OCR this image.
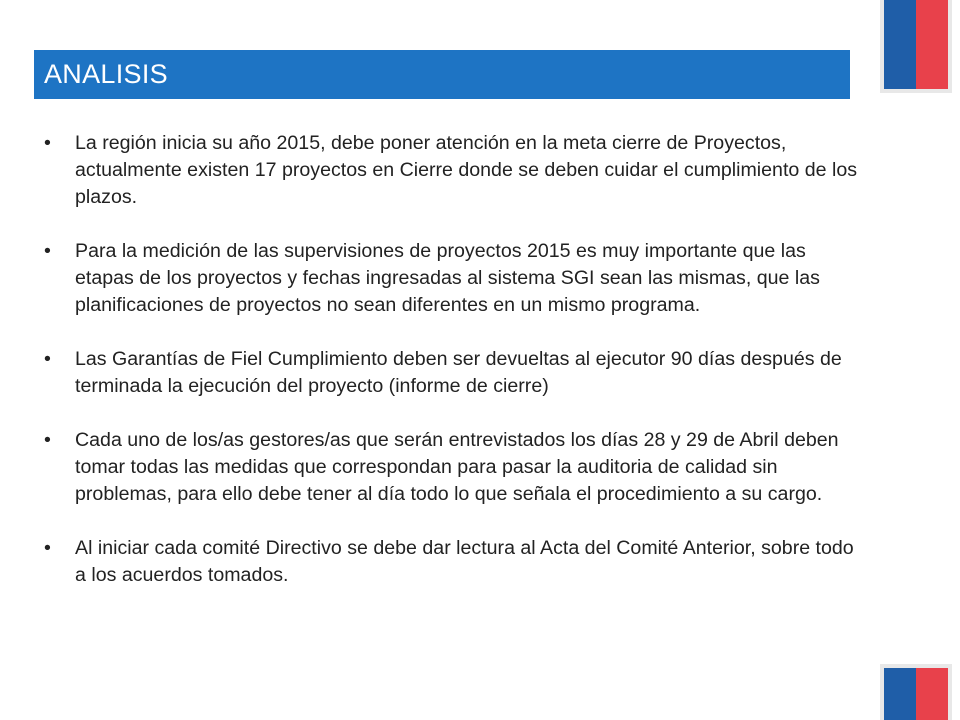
ANALISIS
• La región inicia su año 2015, debe poner atención en la meta cierre de Proyectos, actualmente existen 17 proyectos en Cierre donde se deben cuidar el cumplimiento de los plazos.
• Para la medición de las supervisiones de proyectos 2015 es muy importante que las etapas de los proyectos y fechas ingresadas al sistema SGI sean las mismas, que las planificaciones de proyectos no sean diferentes en un mismo programa.
• Las Garantías de Fiel Cumplimiento deben ser devueltas al ejecutor 90 días después de terminada la ejecución del proyecto (informe de cierre)
• Cada uno de los/as gestores/as que serán entrevistados los días 28 y 29 de Abril deben tomar todas las medidas que correspondan para pasar la auditoria de calidad sin problemas, para ello debe tener al día todo lo que señala el procedimiento a su cargo.
• Al iniciar cada comité Directivo se debe dar lectura al Acta del Comité Anterior, sobre todo a los acuerdos tomados.
